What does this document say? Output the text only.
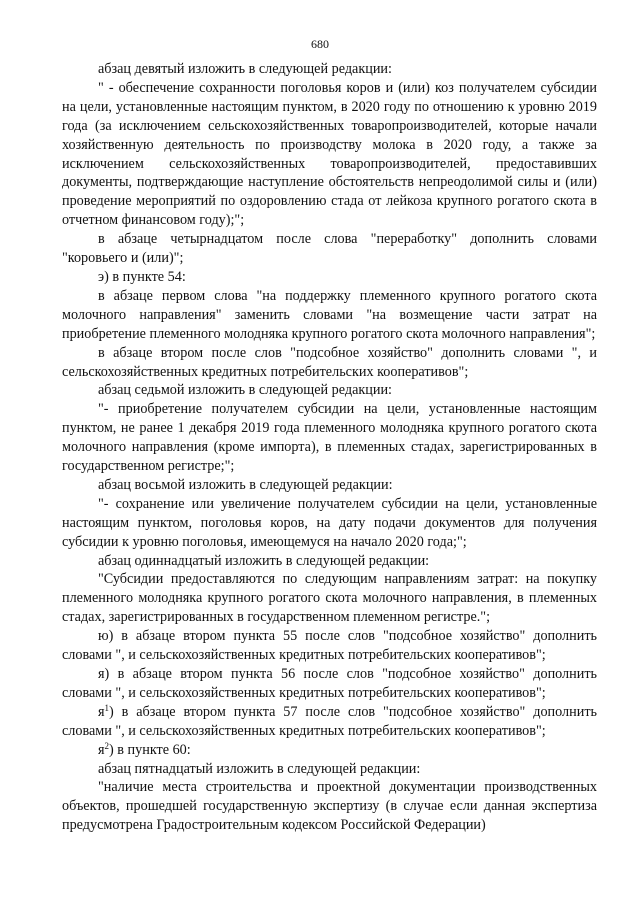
680

абзац девятый изложить в следующей редакции:

" - обеспечение сохранности поголовья коров и (или) коз получателем субсидии на цели, установленные настоящим пунктом, в 2020 году по отношению к уровню 2019 года (за исключением сельскохозяйственных товаропроизводителей, которые начали хозяйственную деятельность по производству молока в 2020 году, а также за исключением сельскохозяйственных товаропроизводителей, предоставивших документы, подтверждающие наступление обстоятельств непреодолимой силы и (или) проведение мероприятий по оздоровлению стада от лейкоза крупного рогатого скота в отчетном финансовом году);";

в абзаце четырнадцатом после слова "переработку" дополнить словами "коровьего и (или)";

э) в пункте 54:

в абзаце первом слова "на поддержку племенного крупного рогатого скота молочного направления" заменить словами "на возмещение части затрат на приобретение племенного молодняка крупного рогатого скота молочного направления";

в абзаце втором после слов "подсобное хозяйство" дополнить словами ", и сельскохозяйственных кредитных потребительских кооперативов";

абзац седьмой изложить в следующей редакции:

"- приобретение получателем субсидии на цели, установленные настоящим пунктом, не ранее 1 декабря 2019 года племенного молодняка крупного рогатого скота молочного направления (кроме импорта), в племенных стадах, зарегистрированных в государственном регистре;";

абзац восьмой изложить в следующей редакции:

"- сохранение или увеличение получателем субсидии на цели, установленные настоящим пунктом, поголовья коров, на дату подачи документов для получения субсидии к уровню поголовья, имеющемуся на начало 2020 года;";

абзац одиннадцатый изложить в следующей редакции:

"Субсидии предоставляются по следующим направлениям затрат: на покупку племенного молодняка крупного рогатого скота молочного направления, в племенных стадах, зарегистрированных в государственном племенном регистре.";

ю) в абзаце втором пункта 55 после слов "подсобное хозяйство" дополнить словами ", и сельскохозяйственных кредитных потребительских кооперативов";

я) в абзаце втором пункта 56 после слов "подсобное хозяйство" дополнить словами ", и сельскохозяйственных кредитных потребительских кооперативов";

$я^1$) в абзаце втором пункта 57 после слов "подсобное хозяйство" дополнить словами ", и сельскохозяйственных кредитных потребительских кооперативов";

$я^2$) в пункте 60:

абзац пятнадцатый изложить в следующей редакции:

"наличие места строительства и проектной документации производственных объектов, прошедшей государственную экспертизу (в случае если данная экспертиза предусмотрена Градостроительным кодексом Российской Федерации)
